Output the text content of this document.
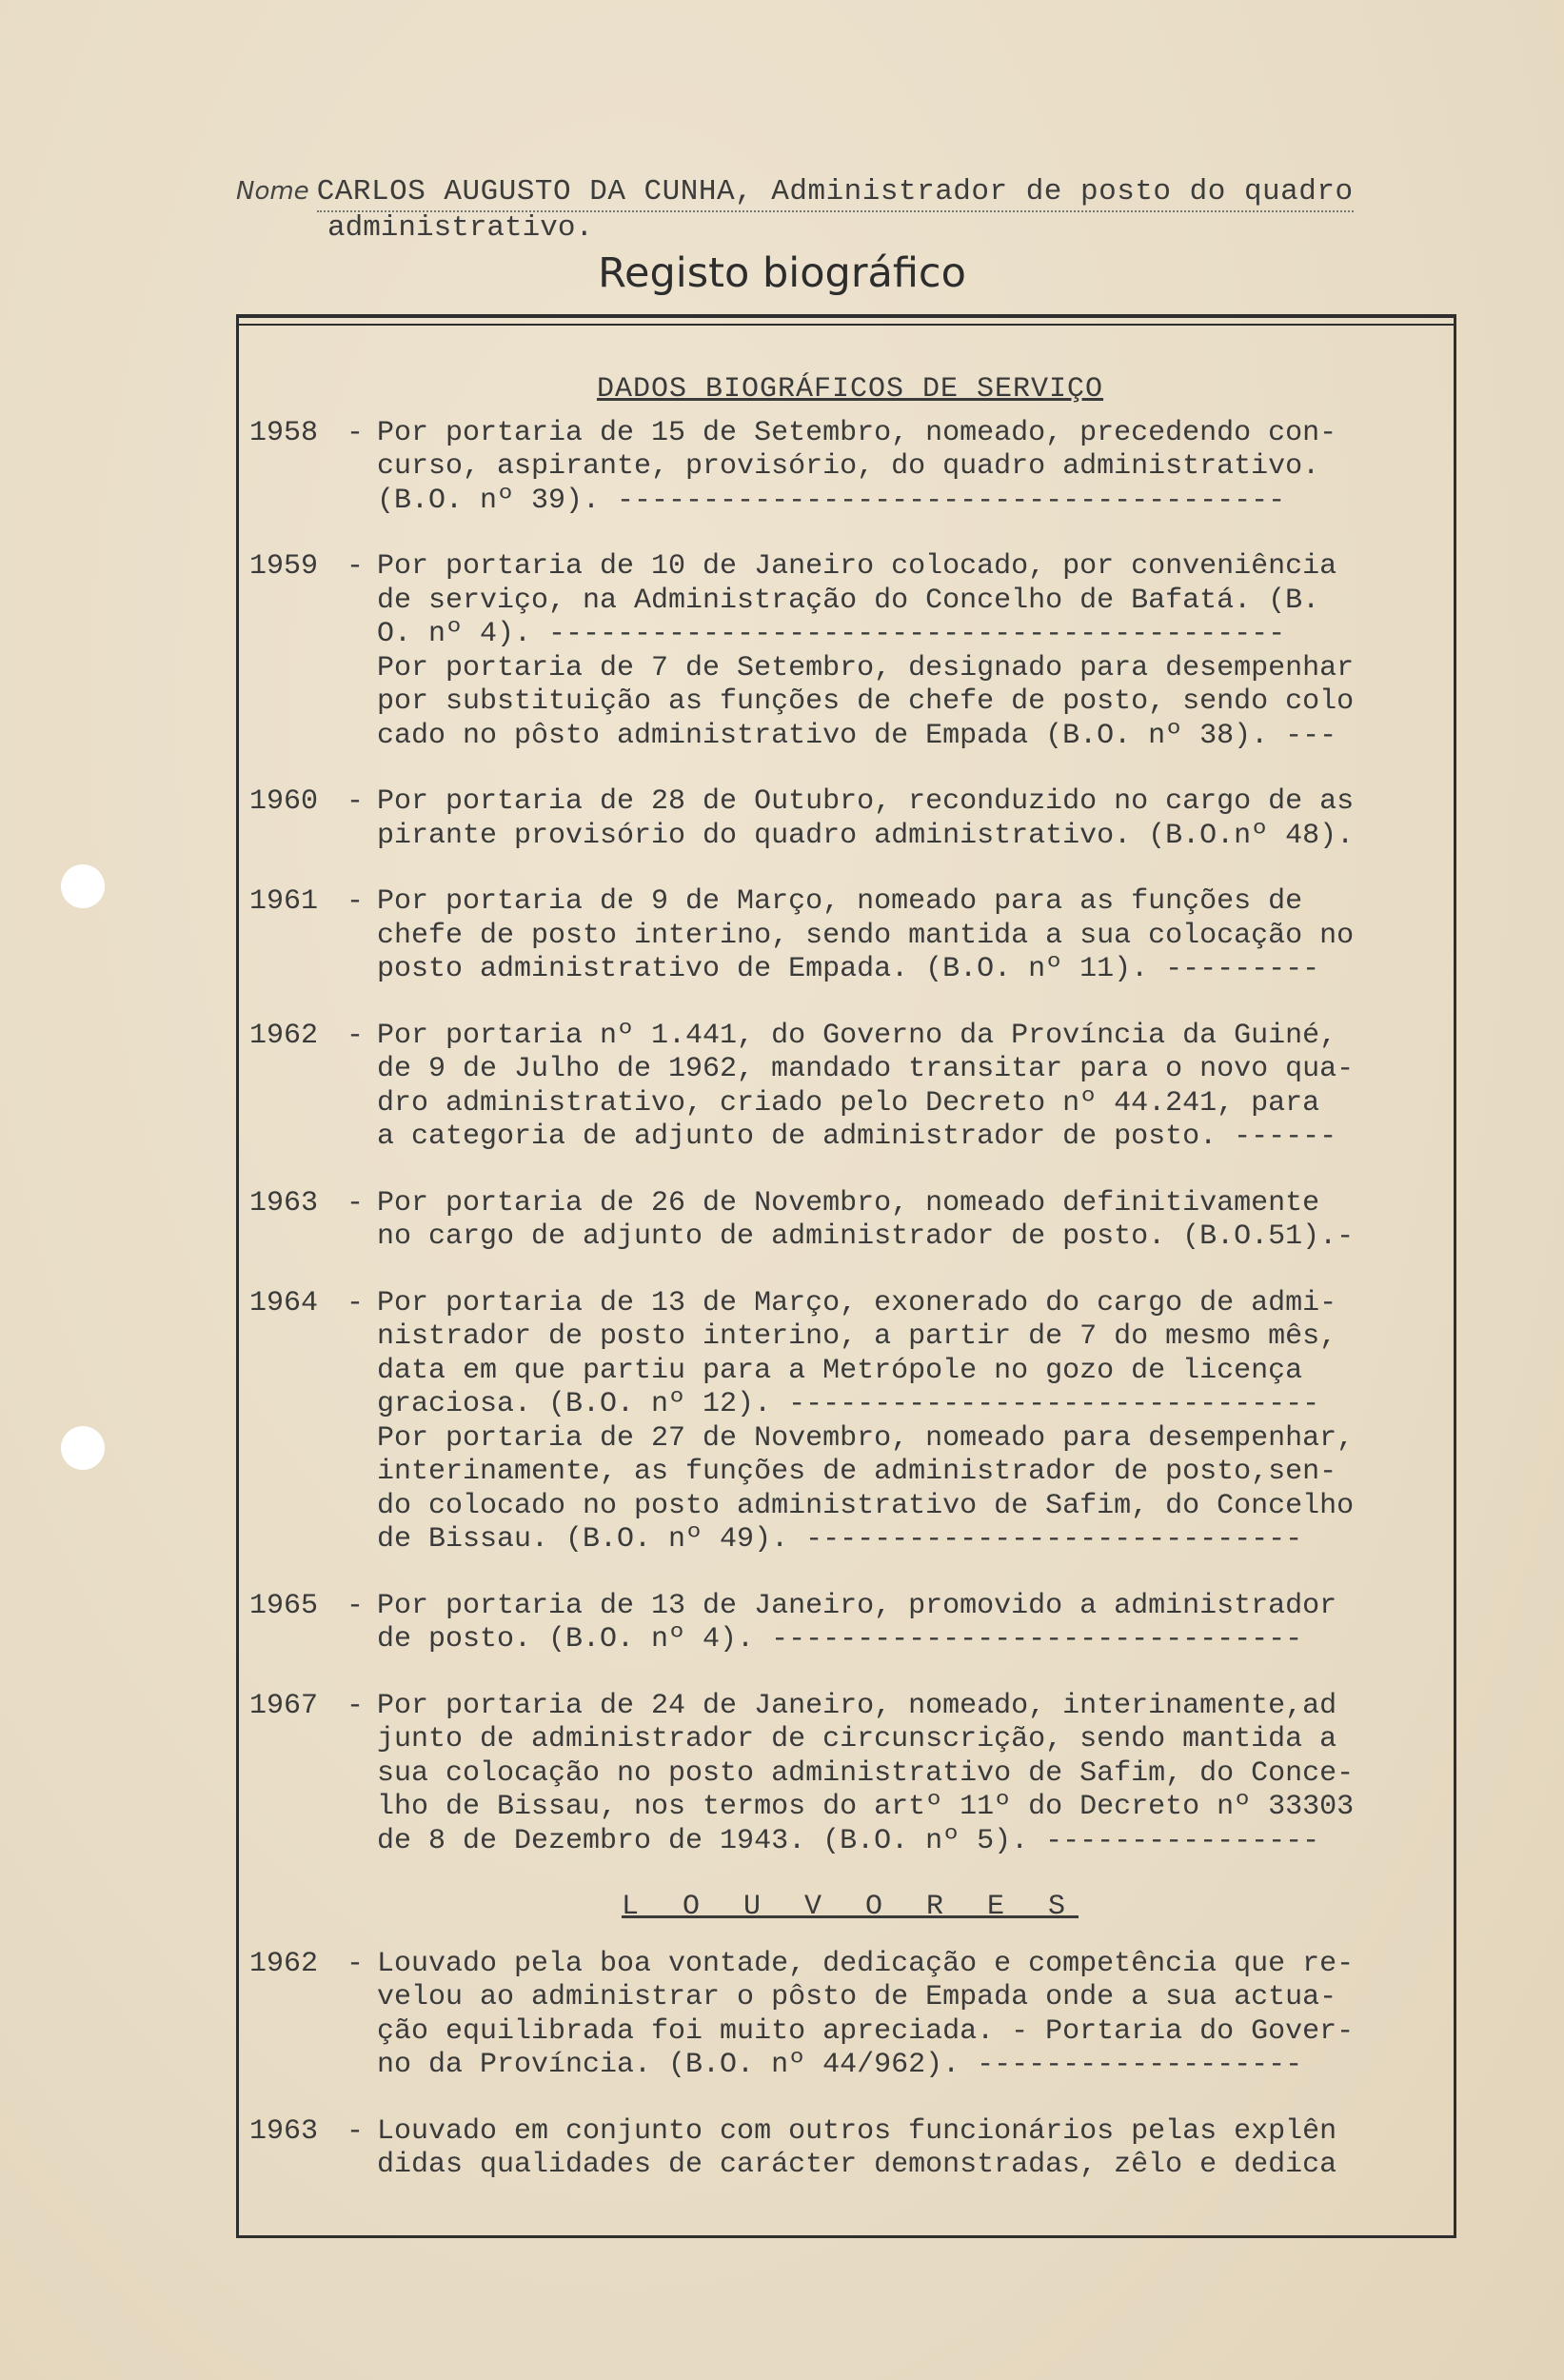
Nome CARLOS AUGUSTO DA CUNHA, Administrador de posto do quadro
administrativo.
Registo biográfico
DADOS BIOGRÁFICOS DE SERVIÇO
1958 - Por portaria de 15 de Setembro, nomeado, precedendo con-
curso, aspirante, provisório, do quadro administrativo.
(B.O. nº 39). ---------------------------------------
1959 - Por portaria de 10 de Janeiro colocado, por conveniência
de serviço, na Administração do Concelho de Bafatá. (B.
O. nº 4). -------------------------------------------
Por portaria de 7 de Setembro, designado para desempenhar
por substituição as funções de chefe de posto, sendo colo
cado no pôsto administrativo de Empada (B.O. nº 38). ---
1960 - Por portaria de 28 de Outubro, reconduzido no cargo de as
pirante provisório do quadro administrativo. (B.O.nº 48).
1961 - Por portaria de 9 de Março, nomeado para as funções de
chefe de posto interino, sendo mantida a sua colocação no
posto administrativo de Empada. (B.O. nº 11). ---------
1962 - Por portaria nº 1.441, do Governo da Província da Guiné,
de 9 de Julho de 1962, mandado transitar para o novo qua-
dro administrativo, criado pelo Decreto nº 44.241, para
a categoria de adjunto de administrador de posto. ------
1963 - Por portaria de 26 de Novembro, nomeado definitivamente
no cargo de adjunto de administrador de posto. (B.O.51).-
1964 - Por portaria de 13 de Março, exonerado do cargo de admi-
nistrador de posto interino, a partir de 7 do mesmo mês,
data em que partiu para a Metrópole no gozo de licença
graciosa. (B.O. nº 12). -------------------------------
Por portaria de 27 de Novembro, nomeado para desempenhar,
interinamente, as funções de administrador de posto,sen-
do colocado no posto administrativo de Safim, do Concelho
de Bissau. (B.O. nº 49). -----------------------------
1965 - Por portaria de 13 de Janeiro, promovido a administrador
de posto. (B.O. nº 4). -------------------------------
1967 - Por portaria de 24 de Janeiro, nomeado, interinamente,ad
junto de administrador de circunscrição, sendo mantida a
sua colocação no posto administrativo de Safim, do Conce-
lho de Bissau, nos termos do artº 11º do Decreto nº 33303
de 8 de Dezembro de 1943. (B.O. nº 5). ----------------
L O U V O R E S
1962 - Louvado pela boa vontade, dedicação e competência que re-
velou ao administrar o pôsto de Empada onde a sua actua-
ção equilibrada foi muito apreciada. - Portaria do Gover-
no da Província. (B.O. nº 44/962). -------------------
1963 - Louvado em conjunto com outros funcionários pelas explên
didas qualidades de carácter demonstradas, zêlo e dedica
